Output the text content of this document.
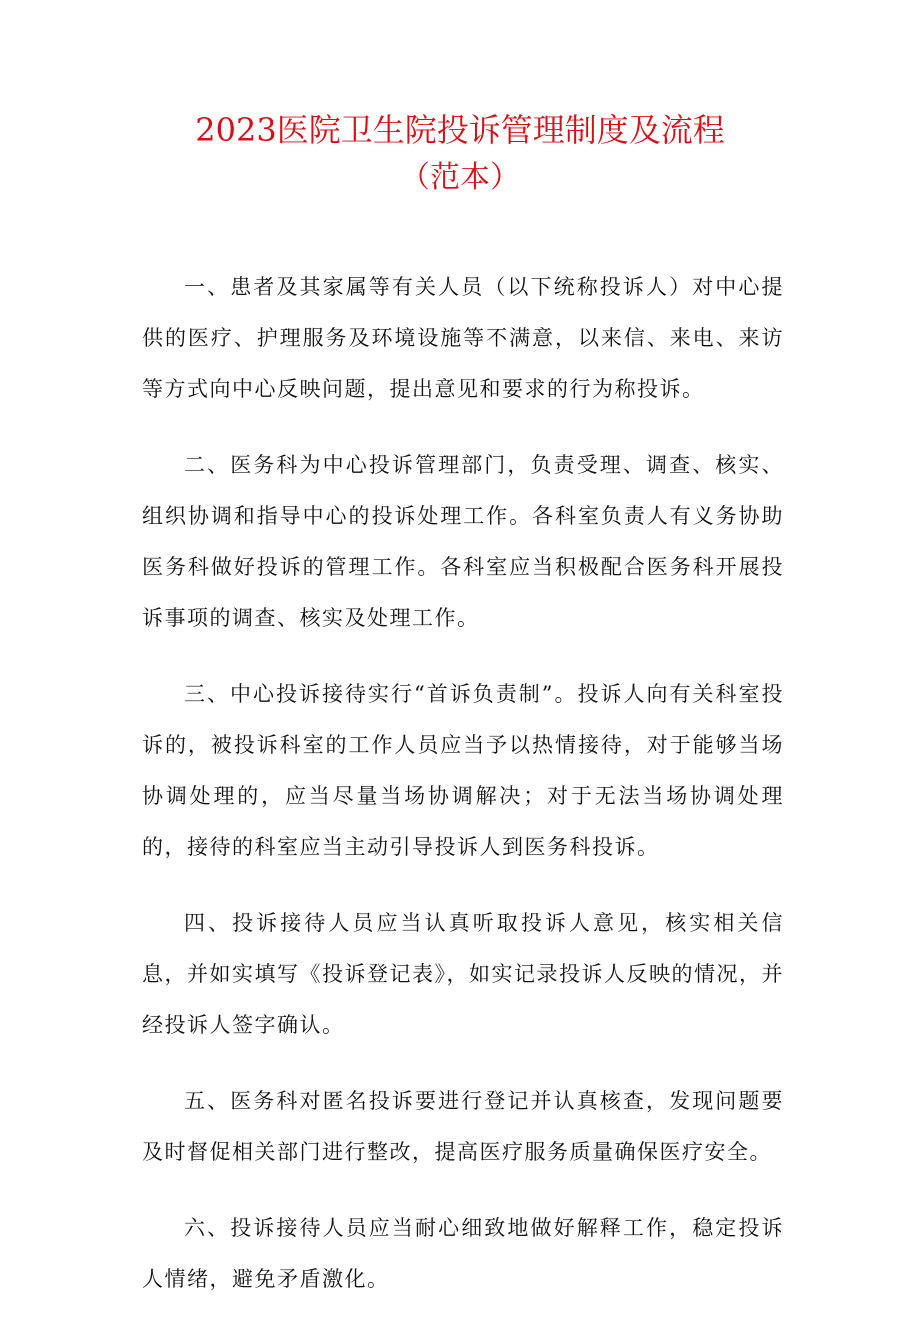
2023医院卫生院投诉管理制度及流程
（范本）

一、患者及其家属等有关人员（以下统称投诉人）对中心提供的医疗、护理服务及环境设施等不满意，以来信、来电、来访等方式向中心反映问题，提出意见和要求的行为称投诉。

二、医务科为中心投诉管理部门，负责受理、调查、核实、组织协调和指导中心的投诉处理工作。各科室负责人有义务协助医务科做好投诉的管理工作。各科室应当积极配合医务科开展投诉事项的调查、核实及处理工作。

三、中心投诉接待实行“首诉负责制”。投诉人向有关科室投诉的，被投诉科室的工作人员应当予以热情接待，对于能够当场协调处理的，应当尽量当场协调解决；对于无法当场协调处理的，接待的科室应当主动引导投诉人到医务科投诉。

四、投诉接待人员应当认真听取投诉人意见，核实相关信息，并如实填写《投诉登记表》，如实记录投诉人反映的情况，并经投诉人签字确认。

五、医务科对匿名投诉要进行登记并认真核查，发现问题要及时督促相关部门进行整改，提高医疗服务质量确保医疗安全。

六、投诉接待人员应当耐心细致地做好解释工作，稳定投诉人情绪，避免矛盾激化。
